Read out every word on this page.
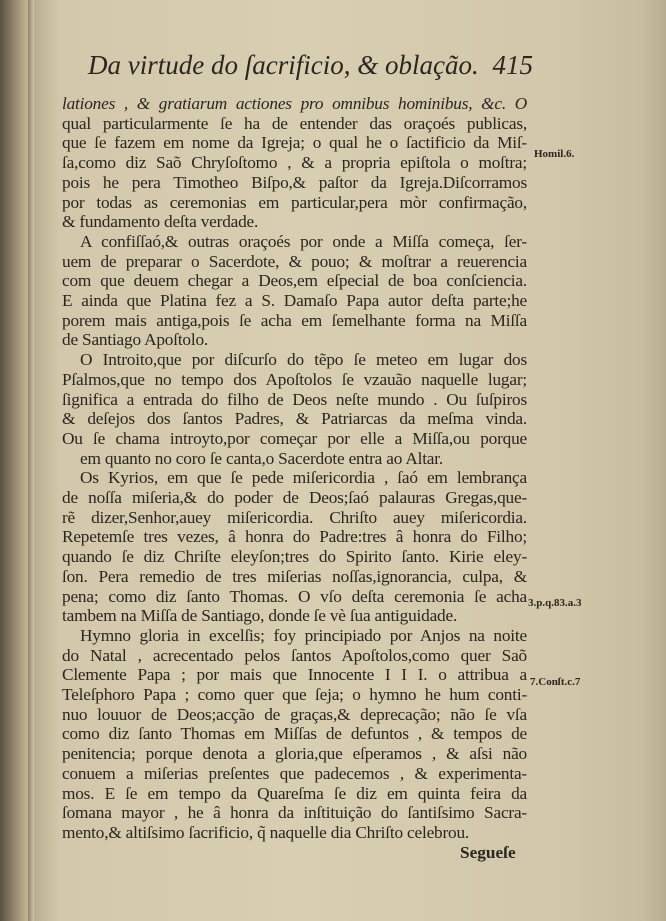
Da virtude do ſacrificio, & oblação. 415
lationes , & gratiarum actiones pro omnibus hominibus, &c. O
qual particularmente ſe ha de entender das oraçoés publicas,
que ſe fazem em nome da Igreja; o qual he o ſactificio da Miſ-
ſa,como diz Saõ Chryſoſtomo , & a propria epiſtola o moſtra;
pois he pera Timotheo Biſpo,& paſtor da Igreja.Diſcorramos
por todas as ceremonias em particular,pera mòr confirmação,
& fundamento deſta verdade.
A confiſſaó,& outras oraçoés por onde a Miſſa começa, ſer-
uem de preparar o Sacerdote, & pouo; & moſtrar a reuerencia
com que deuem chegar a Deos,em eſpecial de boa conſciencia.
E ainda que Platina fez a S. Damaſo Papa autor deſta parte;he
porem mais antiga,pois ſe acha em ſemelhante forma na Miſſa
de Santiago Apoſtolo.
O Introito,que por diſcurſo do tẽpo ſe meteo em lugar dos
Pſalmos,que no tempo dos Apoſtolos ſe vzauão naquelle lugar;
ſignifica a entrada do filho de Deos neſte mundo . Ou ſuſpiros
& deſejos dos ſantos Padres, & Patriarcas da meſma vinda.
Ou ſe chama introyto,por começar por elle a Miſſa,ou porque
em quanto no coro ſe canta,o Sacerdote entra ao Altar.
Os Kyrios, em que ſe pede miſericordia , ſaó em lembrança
de noſſa miſeria,& do poder de Deos;ſaó palauras Gregas,que-
rẽ dizer,Senhor,auey miſericordia. Chriſto auey miſericordia.
Repetemſe tres vezes, â honra do Padre:tres â honra do Filho;
quando ſe diz Chriſte eleyſon;tres do Spirito ſanto. Kirie eley-
ſon. Pera remedio de tres miſerias noſſas,ignorancia, culpa, &
pena; como diz ſanto Thomas. O vſo deſta ceremonia ſe acha
tambem na Miſſa de Santiago, donde ſe vè ſua antiguidade.
Hymno gloria in excelſis; foy principiado por Anjos na noite
do Natal , acrecentado pelos ſantos Apoſtolos,como quer Saõ
Clemente Papa ; por mais que Innocente I I I. o attribua a
Teleſphoro Papa ; como quer que ſeja; o hymno he hum conti-
nuo louuor de Deos;acção de graças,& deprecação; não ſe vſa
como diz ſanto Thomas em Miſſas de defuntos , & tempos de
penitencia; porque denota a gloria,que eſperamos , & aſsi não
conuem a miſerias preſentes que padecemos , & experimenta-
mos. E ſe em tempo da Quareſma ſe diz em quinta feira da
ſomana mayor , he â honra da inſtituição do ſantiſsimo Sacra-
mento,& altiſsimo ſacrificio, q̃ naquelle dia Chriſto celebrou.
Homil.6.
3.p.q.83.a.3
7.Conſt.c.7
Segueſe
